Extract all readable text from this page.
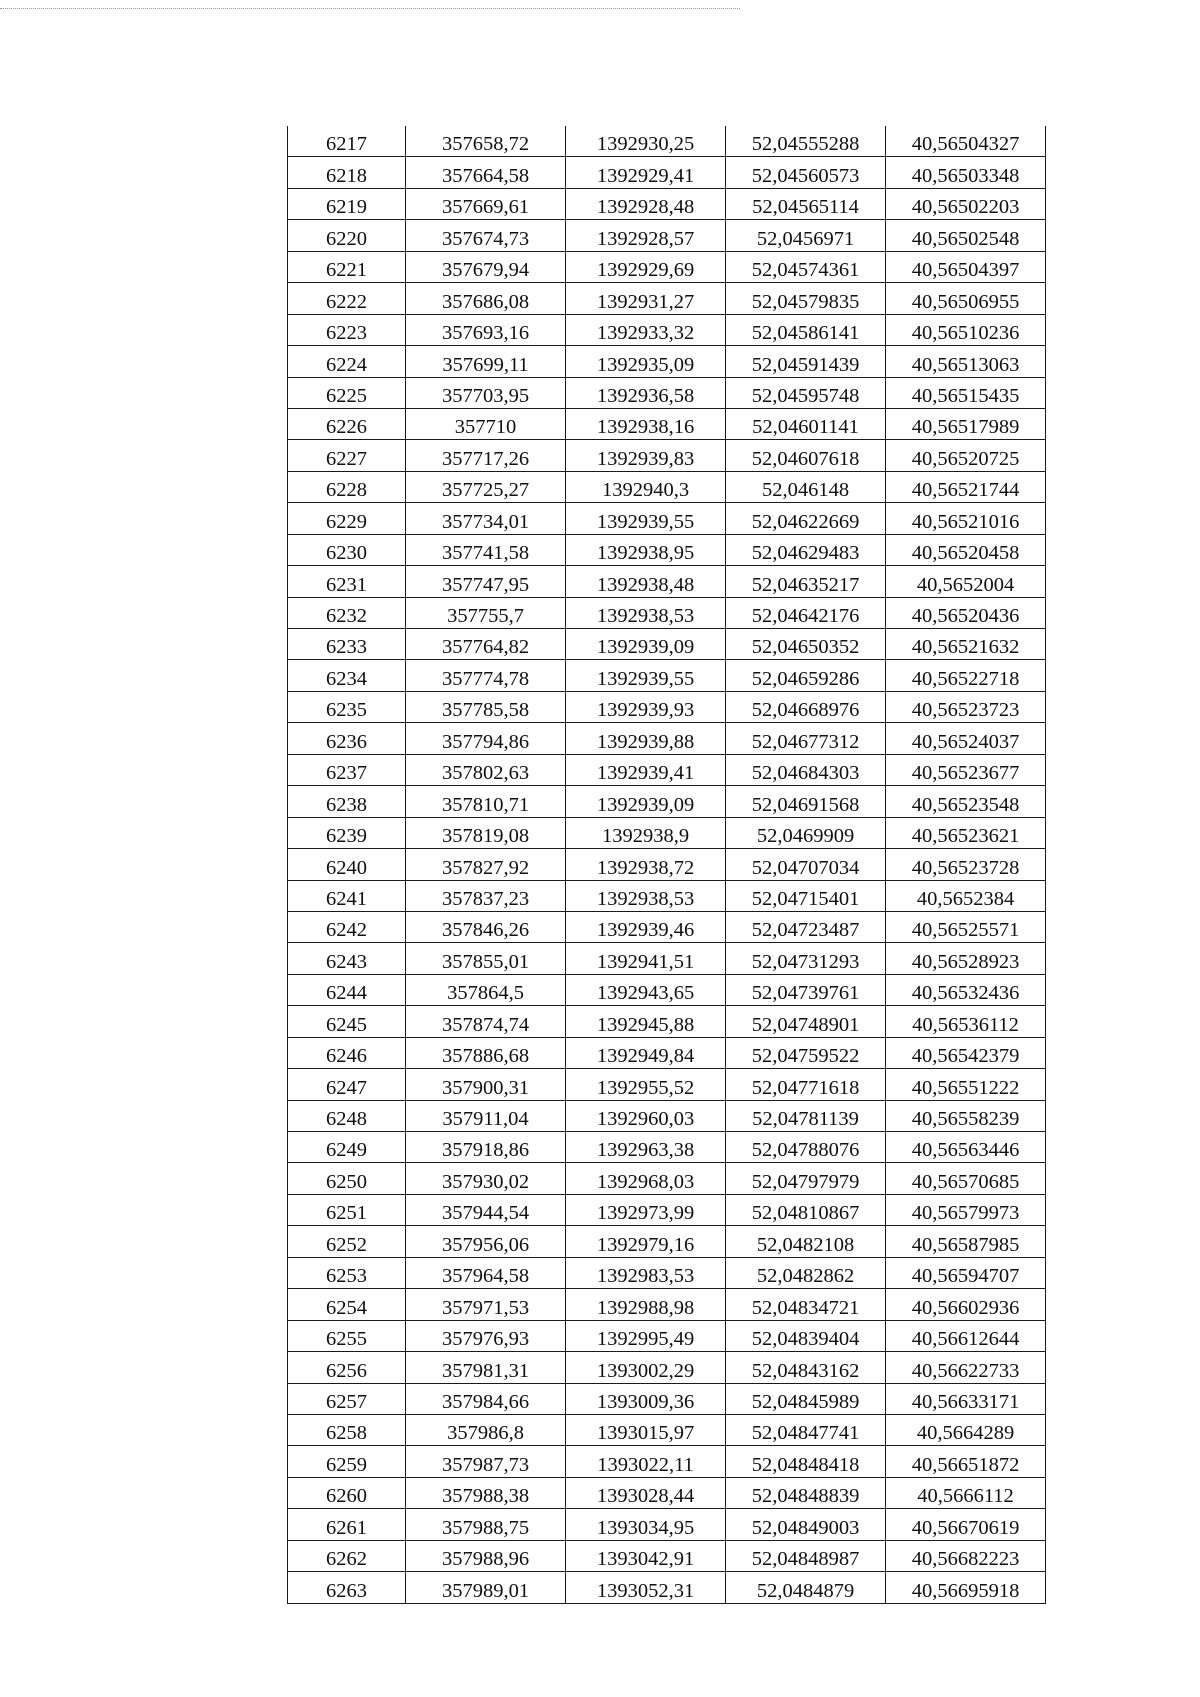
6217	357658,72	1392930,25	52,04555288	40,56504327
6218	357664,58	1392929,41	52,04560573	40,56503348
6219	357669,61	1392928,48	52,04565114	40,56502203
6220	357674,73	1392928,57	52,0456971	40,56502548
6221	357679,94	1392929,69	52,04574361	40,56504397
6222	357686,08	1392931,27	52,04579835	40,56506955
6223	357693,16	1392933,32	52,04586141	40,56510236
6224	357699,11	1392935,09	52,04591439	40,56513063
6225	357703,95	1392936,58	52,04595748	40,56515435
6226	357710	1392938,16	52,04601141	40,56517989
6227	357717,26	1392939,83	52,04607618	40,56520725
6228	357725,27	1392940,3	52,046148	40,56521744
6229	357734,01	1392939,55	52,04622669	40,56521016
6230	357741,58	1392938,95	52,04629483	40,56520458
6231	357747,95	1392938,48	52,04635217	40,5652004
6232	357755,7	1392938,53	52,04642176	40,56520436
6233	357764,82	1392939,09	52,04650352	40,56521632
6234	357774,78	1392939,55	52,04659286	40,56522718
6235	357785,58	1392939,93	52,04668976	40,56523723
6236	357794,86	1392939,88	52,04677312	40,56524037
6237	357802,63	1392939,41	52,04684303	40,56523677
6238	357810,71	1392939,09	52,04691568	40,56523548
6239	357819,08	1392938,9	52,0469909	40,56523621
6240	357827,92	1392938,72	52,04707034	40,56523728
6241	357837,23	1392938,53	52,04715401	40,5652384
6242	357846,26	1392939,46	52,04723487	40,56525571
6243	357855,01	1392941,51	52,04731293	40,56528923
6244	357864,5	1392943,65	52,04739761	40,56532436
6245	357874,74	1392945,88	52,04748901	40,56536112
6246	357886,68	1392949,84	52,04759522	40,56542379
6247	357900,31	1392955,52	52,04771618	40,56551222
6248	357911,04	1392960,03	52,04781139	40,56558239
6249	357918,86	1392963,38	52,04788076	40,56563446
6250	357930,02	1392968,03	52,04797979	40,56570685
6251	357944,54	1392973,99	52,04810867	40,56579973
6252	357956,06	1392979,16	52,0482108	40,56587985
6253	357964,58	1392983,53	52,0482862	40,56594707
6254	357971,53	1392988,98	52,04834721	40,56602936
6255	357976,93	1392995,49	52,04839404	40,56612644
6256	357981,31	1393002,29	52,04843162	40,56622733
6257	357984,66	1393009,36	52,04845989	40,56633171
6258	357986,8	1393015,97	52,04847741	40,5664289
6259	357987,73	1393022,11	52,04848418	40,56651872
6260	357988,38	1393028,44	52,04848839	40,5666112
6261	357988,75	1393034,95	52,04849003	40,56670619
6262	357988,96	1393042,91	52,04848987	40,56682223
6263	357989,01	1393052,31	52,0484879	40,56695918
